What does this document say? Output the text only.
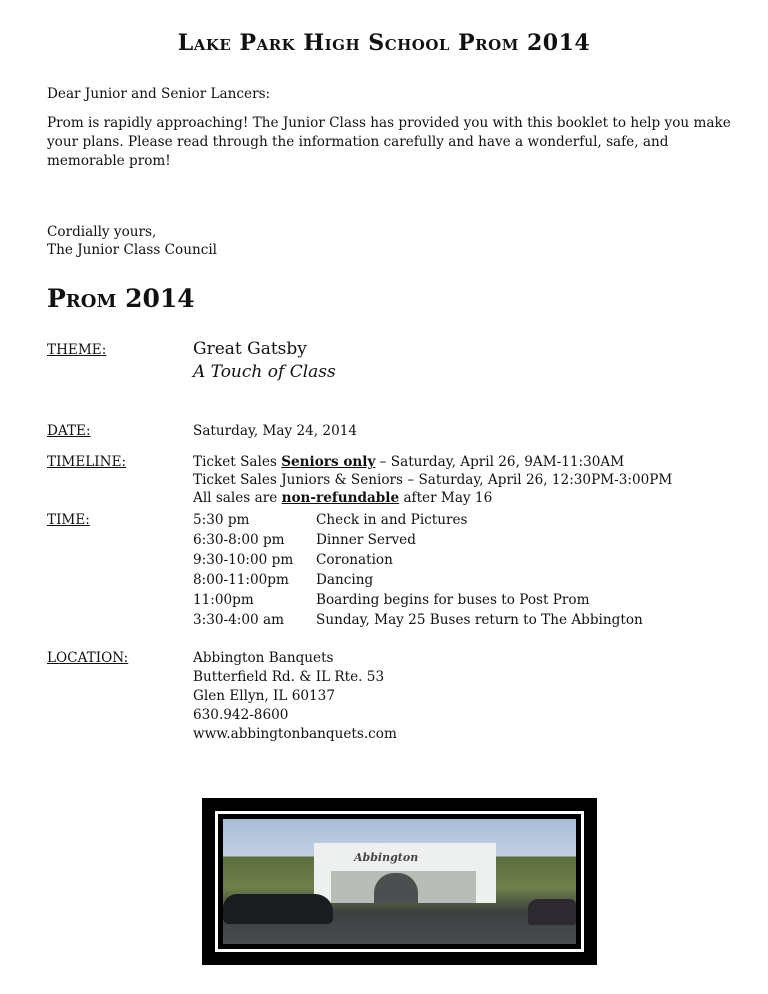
Lake Park High School Prom 2014
Dear Junior and Senior Lancers:
Prom is rapidly approaching! The Junior Class has provided you with this booklet to help you make your plans. Please read through the information carefully and have a wonderful, safe, and memorable prom!
Cordially yours,
The Junior Class Council
Prom 2014
THEME:	Great Gatsby
A Touch of Class
DATE:	Saturday, May 24, 2014
TIMELINE:	Ticket Sales Seniors only – Saturday, April 26, 9AM-11:30AM
Ticket Sales Juniors & Seniors – Saturday, April 26, 12:30PM-3:00PM
All sales are non-refundable after May 16
TIME:	5:30 pm	Check in and Pictures
6:30-8:00 pm Dinner Served
9:30-10:00 pm Coronation
8:00-11:00pm Dancing
11:00pm	Boarding begins for buses to Post Prom
3:30-4:00 am Sunday, May 25 Buses return to The Abbington
LOCATION:	Abbington Banquets
Butterfield Rd. & IL Rte. 53
Glen Ellyn, IL 60137
630.942-8600
www.abbingtonbanquets.com
Abbington
